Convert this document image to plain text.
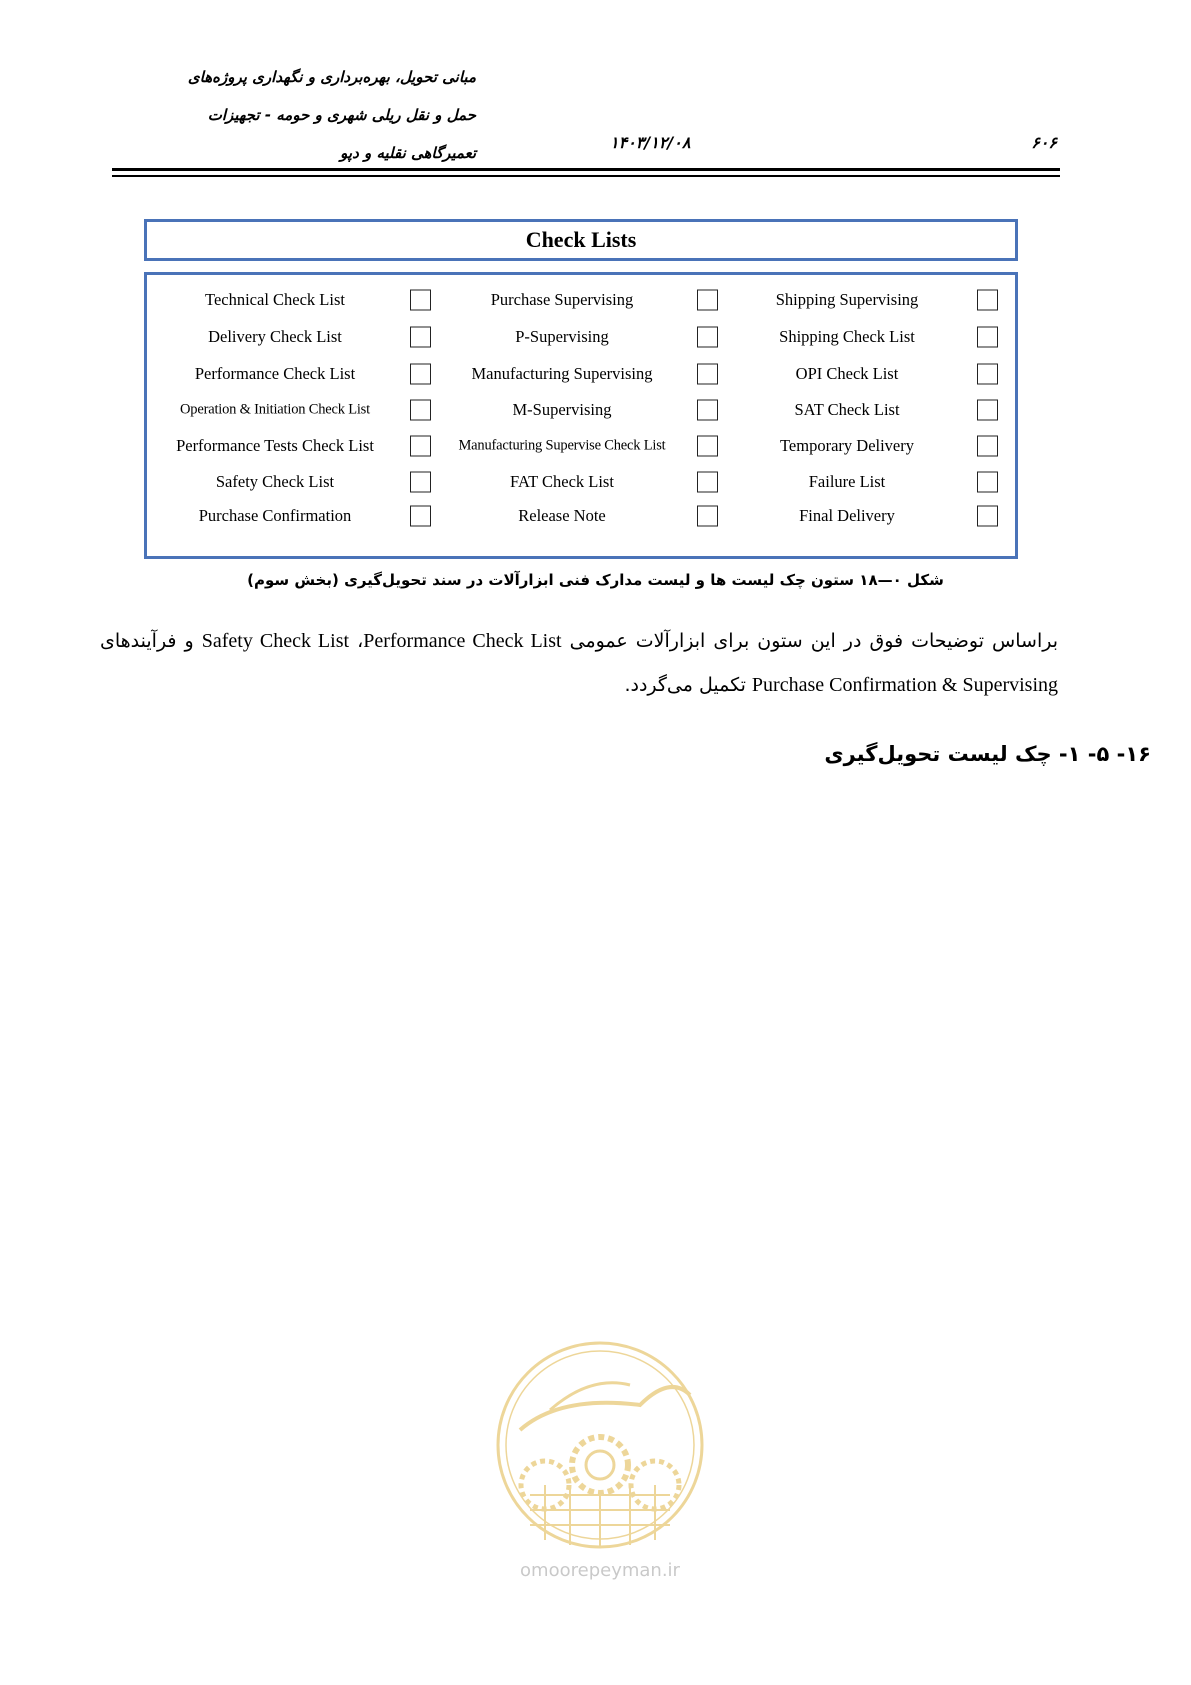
مبانی تحویل، بهره‌برداری و نگهداری پروژه‌های
حمل و نقل ریلی شهری و حومه - تجهیزات
تعمیرگاهی نقلیه و دپو
۱۴۰۳/۱۲/۰۸	۶۰۶
Check Lists
Technical Check List
Delivery Check List
Performance Check List
Operation & Initiation Check List
Performance Tests Check List
Safety Check List
Purchase Confirmation
Purchase Supervising
P-Supervising
Manufacturing Supervising
M-Supervising
Manufacturing Supervise Check List
FAT Check List
Release Note
Shipping Supervising
Shipping Check List
OPI Check List
SAT Check List
Temporary Delivery
Failure List
Final Delivery
شکل ۰—۱۸ ستون چک لیست ها و لیست مدارک فنی ابزارآلات در سند تحویل‌گیری (بخش سوم)
براساس توضیحات فوق در این ستون برای ابزارآلات عمومی Performance Check List، Safety Check List و فرآیندهای Purchase Confirmation & Supervising تکمیل می‌گردد.
۱۶- ۵- ۱- چک لیست تحویل‌گیری
omoorepeyman.ir
